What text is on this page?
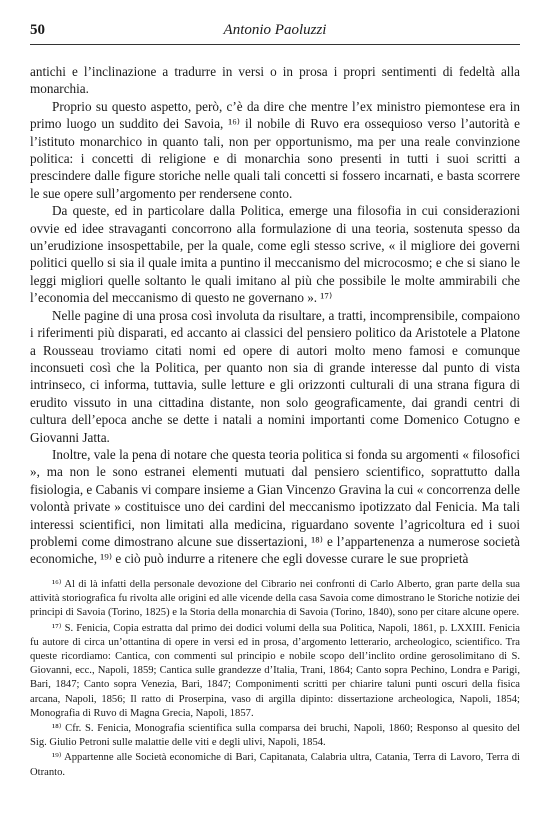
50	Antonio Paoluzzi

antichi e l’inclinazione a tradurre in versi o in prosa i propri sentimenti di fedeltà alla monarchia.

Proprio su questo aspetto, però, c’è da dire che mentre l’ex ministro piemontese era in primo luogo un suddito dei Savoia, ¹⁶⁾ il nobile di Ruvo era ossequioso verso l’autorità e l’istituto monarchico in quanto tali, non per opportunismo, ma per una reale convinzione politica: i concetti di religione e di monarchia sono presenti in tutti i suoi scritti a prescindere dalle figure storiche nelle quali tali concetti si fossero incarnati, e basta scorrere le sue opere sull’argomento per rendersene conto.

Da queste, ed in particolare dalla Politica, emerge una filosofia in cui considerazioni ovvie ed idee stravaganti concorrono alla formulazione di una teoria, sostenuta spesso da un’erudizione insospettabile, per la quale, come egli stesso scrive, « il migliore dei governi politici quello si sia il quale imita a puntino il meccanismo del microcosmo; e che si siano le leggi migliori quelle soltanto le quali imitano al più che possibile le molte ammirabili che l’economia del meccanismo di questo ne governano ». ¹⁷⁾

Nelle pagine di una prosa così involuta da risultare, a tratti, incomprensibile, compaiono i riferimenti più disparati, ed accanto ai classici del pensiero politico da Aristotele a Platone a Rousseau troviamo citati nomi ed opere di autori molto meno famosi e comunque inconsueti così che la Politica, per quanto non sia di grande interesse dal punto di vista intrinseco, ci informa, tuttavia, sulle letture e gli orizzonti culturali di una strana figura di erudito vissuto in una cittadina distante, non solo geograficamente, dai grandi centri di cultura dell’epoca anche se dette i natali a nomini importanti come Domenico Cotugno e Giovanni Jatta.

Inoltre, vale la pena di notare che questa teoria politica si fonda su argomenti « filosofici », ma non le sono estranei elementi mutuati dal pensiero scientifico, soprattutto dalla fisiologia, e Cabanis vi compare insieme a Gian Vincenzo Gravina la cui « concorrenza delle volontà private » costituisce uno dei cardini del meccanismo ipotizzato dal Fenicia. Ma tali interessi scientifici, non limitati alla medicina, riguardano sovente l’agricoltura ed i suoi problemi come dimostrano alcune sue dissertazioni, ¹⁸⁾ e l’appartenenza a numerose società economiche, ¹⁹⁾ e ciò può indurre a ritenere che egli dovesse curare le sue proprietà

¹⁶⁾ Al di là infatti della personale devozione del Cibrario nei confronti di Carlo Alberto, gran parte della sua attività storiografica fu rivolta alle origini ed alle vicende della casa Savoia come dimostrano le Storiche notizie dei principi di Savoia (Torino, 1825) e la Storia della monarchia di Savoia (Torino, 1840), sono per citare alcune opere.

¹⁷⁾ S. Fenicia, Copia estratta dal primo dei dodici volumi della sua Politica, Napoli, 1861, p. LXXIII. Fenicia fu autore di circa un’ottantina di opere in versi ed in prosa, d’argomento letterario, archeologico, scientifico. Tra queste ricordiamo: Cantica, con commenti sul principio e nobile scopo dell’inclito ordine gerosolimitano di S. Giovanni, ecc., Napoli, 1859; Cantica sulle grandezze d’Italia, Trani, 1864; Canto sopra Pechino, Londra e Parigi, Bari, 1847; Canto sopra Venezia, Bari, 1847; Componimenti scritti per chiarire taluni punti oscuri della fisica arcana, Napoli, 1856; Il ratto di Proserpina, vaso di argilla dipinto: dissertazione archeologica, Napoli, 1854; Monografia di Ruvo di Magna Grecia, Napoli, 1857.

¹⁸⁾ Cfr. S. Fenicia, Monografia scientifica sulla comparsa dei bruchi, Napoli, 1860; Responso al quesito del Sig. Giulio Petroni sulle malattie delle viti e degli ulivi, Napoli, 1854.

¹⁹⁾ Appartenne alle Società economiche di Bari, Capitanata, Calabria ultra, Catania, Terra di Lavoro, Terra di Otranto.
